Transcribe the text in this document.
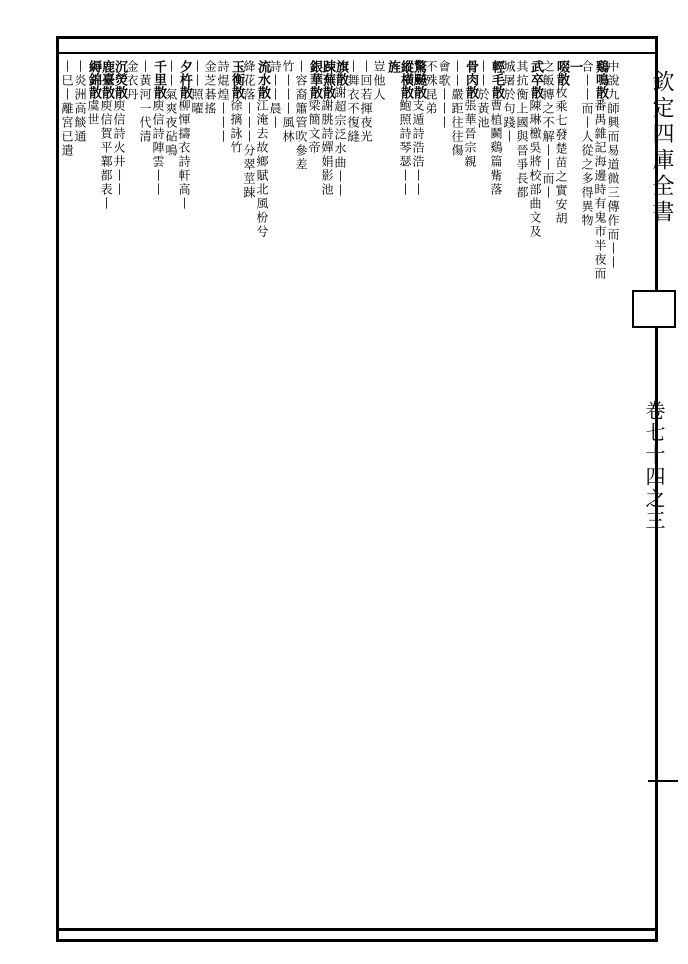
欽定四庫全書
卷七十四之三
中說九師興而易道微三傳作而丨丨
鷄鳴散番禺雜記海邊時有鬼市半夜而
合丨丨而丨人從之多得異物
一
啜散枚乘七發楚苗之實安胡
之飯摶之不解丨丨而丨
武卒散陳琳檄吳將校部曲文及
其抗衡上國與晉爭長都
城屠於句踐丨
輕毛散曹植鬬鷄篇觜落
丨丨於黃池
骨肉散張華晉宗親
丨丨嚴距往往傷
會歌丨丨丨
不殊昆弟
驚飇散支遁詩浩浩丨丨
縱橫散鮑照詩琴瑟丨丨
旌
豈他人
丨回若揮夜光
丨舞衣不復縫
旗散謝超宗泛水曲丨丨
踈蕪散謝朓詩嬋娟影池
銀華散梁簡文帝
丨容裔簫管吹參差
竹丨丨丨風林
詩丨丨晨丨
流水散江淹去故鄉賦北風枌兮
絳花落丨丨丨分翠莖踈
玉衡散徐摛詠竹
詩焜煌丨丨丨
金芝碁搖
丨丨照曜
夕杵散柳惲擣衣詩軒高丨
丨丨氣爽夜砧鳴
千里散庾信詩陣雲丨丨
丨黃河一代清
金衣丹
沉熒散庾信詩火井丨丨
鹿臺散庾信賀平鄴都表丨
縟錦散虞世
丨炎洲高餤通
丨巳丨離宮已遣
